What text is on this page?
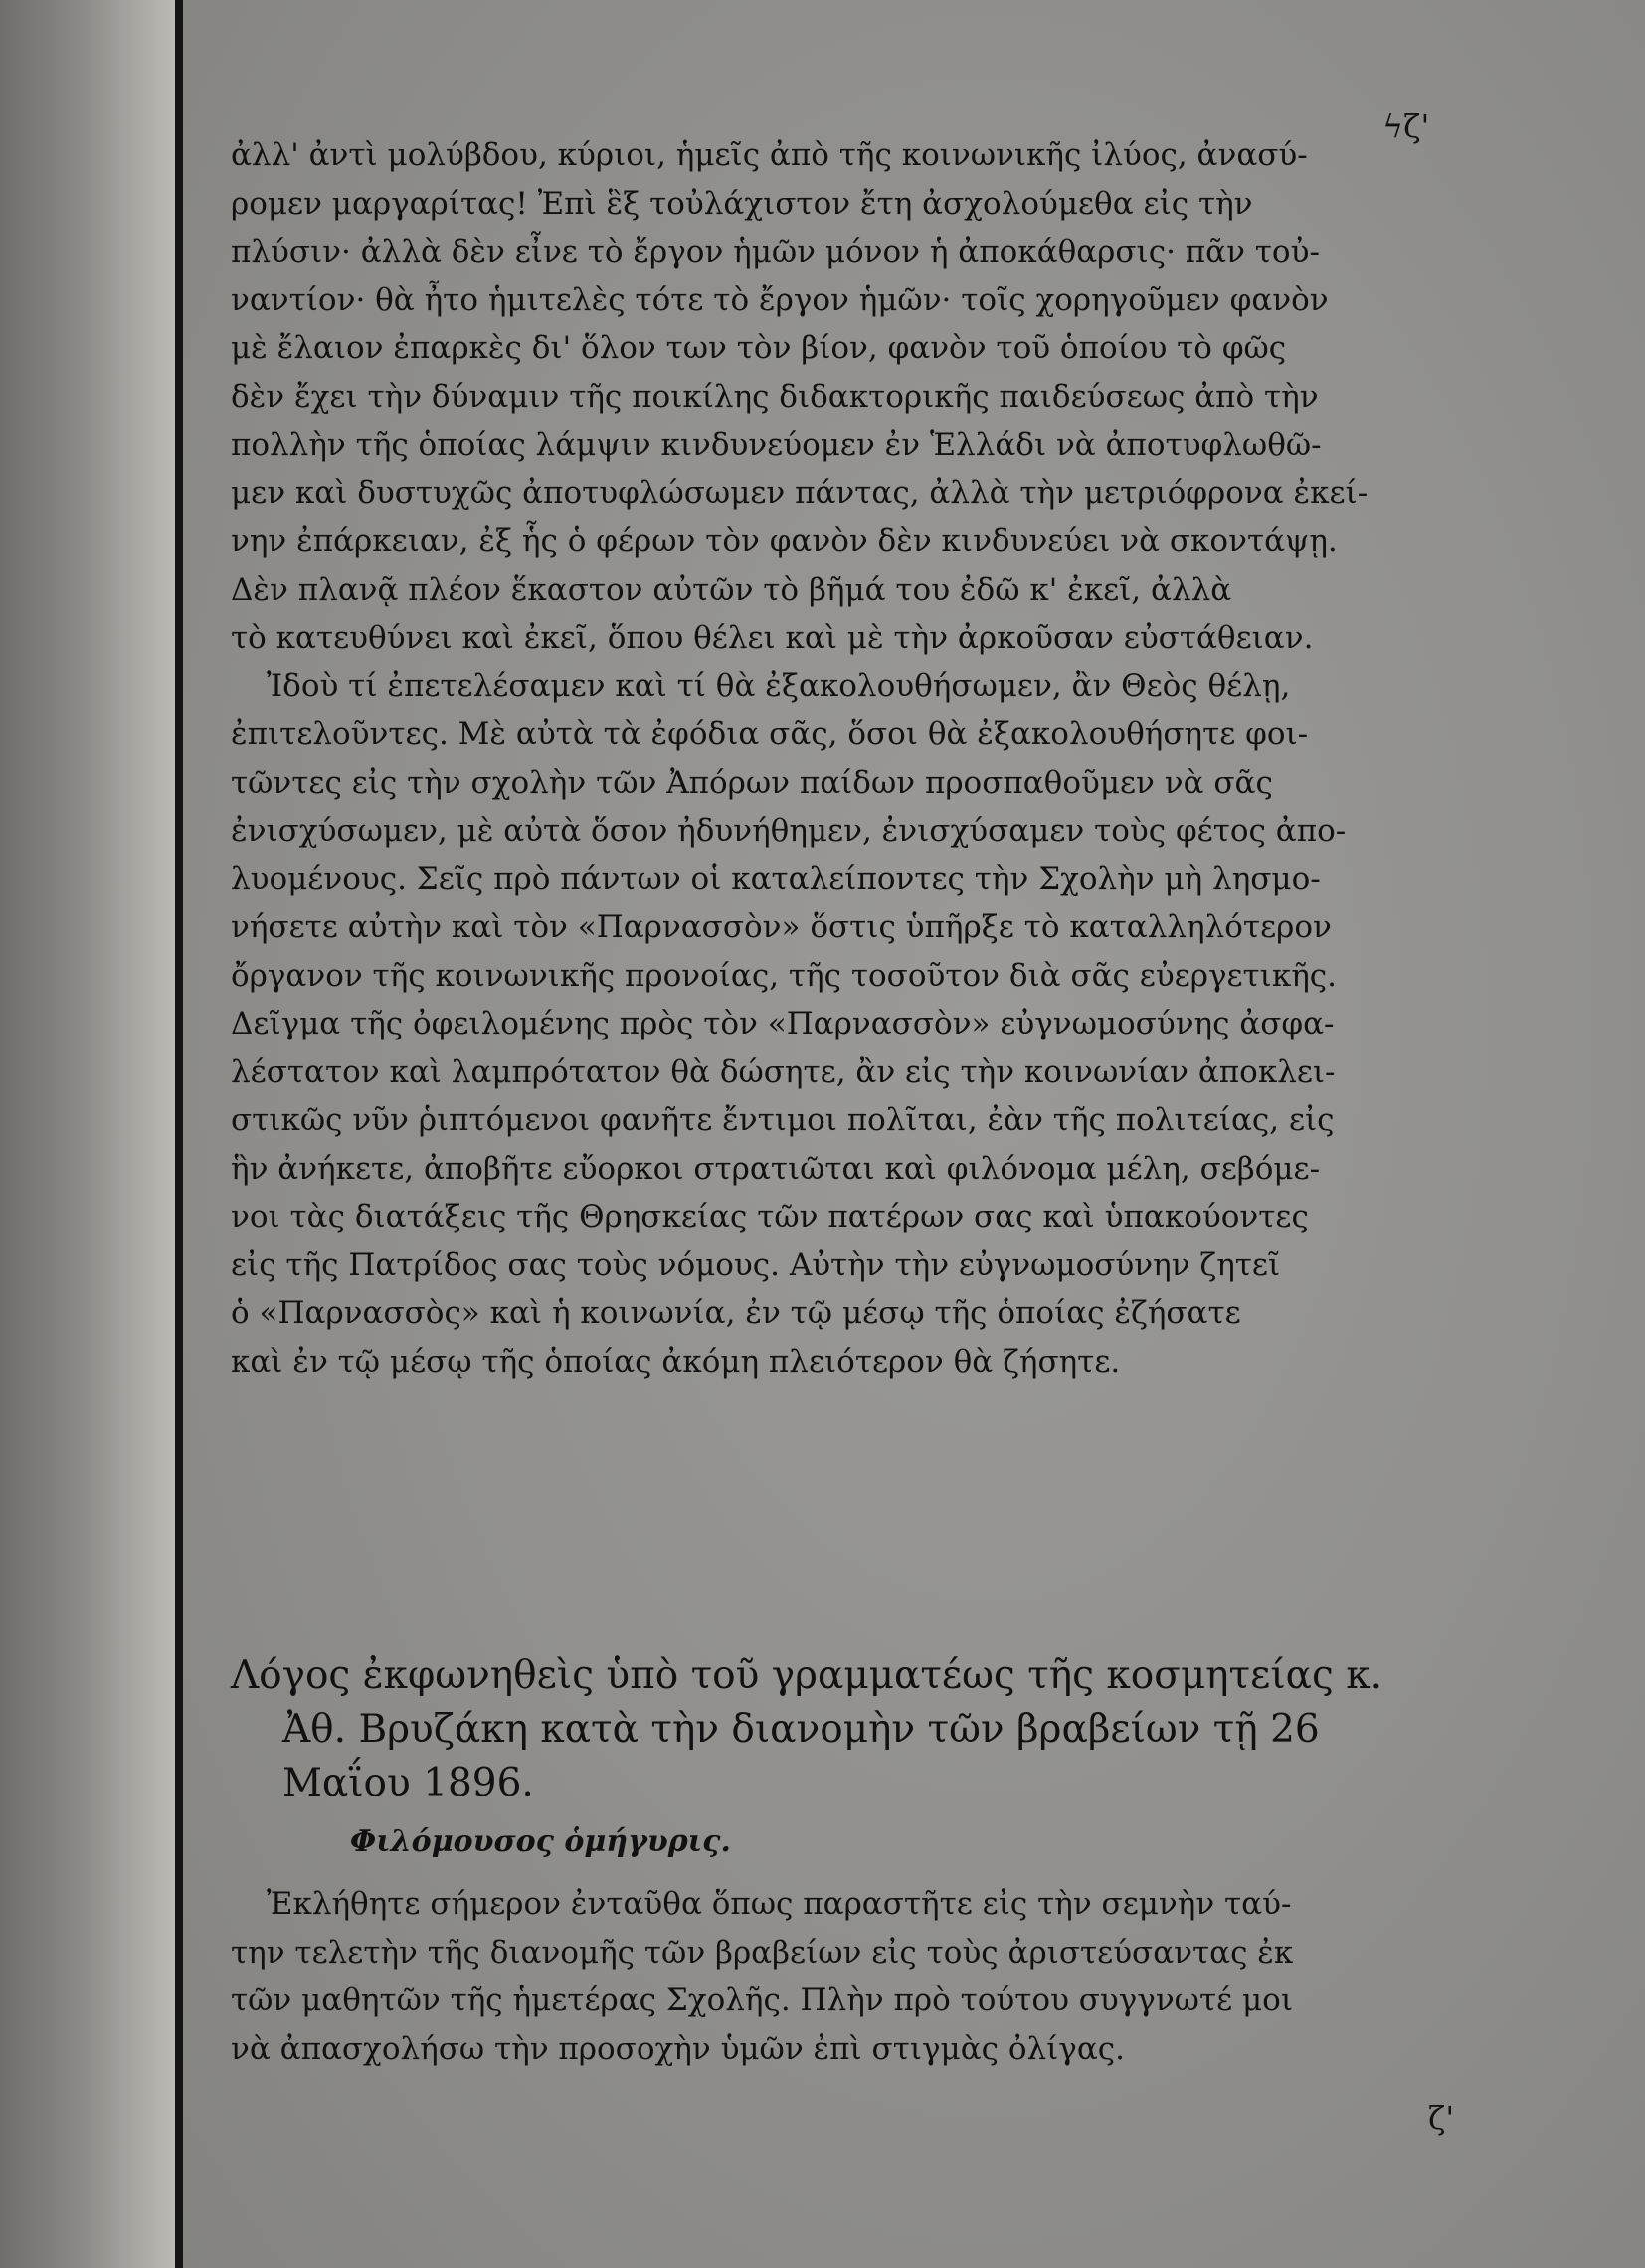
ϟζ'
ἀλλ' ἀντὶ μολύβδου, κύριοι, ἡμεῖς ἀπὸ τῆς κοινωνικῆς ἰλύος, ἀνασύ-
ρομεν μαργαρίτας! Ἐπὶ ἓξ τοὐλάχιστον ἔτη ἀσχολούμεθα εἰς τὴν
πλύσιν· ἀλλὰ δὲν εἶνε τὸ ἔργον ἡμῶν μόνον ἡ ἀποκάθαρσις· πᾶν τοὐ-
ναντίον· θὰ ἦτο ἡμιτελὲς τότε τὸ ἔργον ἡμῶν· τοῖς χορηγοῦμεν φανὸν
μὲ ἔλαιον ἐπαρκὲς δι' ὅλον των τὸν βίον, φανὸν τοῦ ὁποίου τὸ φῶς
δὲν ἔχει τὴν δύναμιν τῆς ποικίλης διδακτορικῆς παιδεύσεως ἀπὸ τὴν
πολλὴν τῆς ὁποίας λάμψιν κινδυνεύομεν ἐν Ἑλλάδι νὰ ἀποτυφλωθῶ-
μεν καὶ δυστυχῶς ἀποτυφλώσωμεν πάντας, ἀλλὰ τὴν μετριόφρονα ἐκεί-
νην ἐπάρκειαν, ἐξ ἧς ὁ φέρων τὸν φανὸν δὲν κινδυνεύει νὰ σκοντάψῃ.
Δὲν πλανᾷ πλέον ἕκαστον αὐτῶν τὸ βῆμά του ἐδῶ κ' ἐκεῖ, ἀλλὰ
τὸ κατευθύνει καὶ ἐκεῖ, ὅπου θέλει καὶ μὲ τὴν ἀρκοῦσαν εὐστάθειαν.
Ἰδοὺ τί ἐπετελέσαμεν καὶ τί θὰ ἐξακολουθήσωμεν, ἂν Θεὸς θέλῃ,
ἐπιτελοῦντες. Μὲ αὐτὰ τὰ ἐφόδια σᾶς, ὅσοι θὰ ἐξακολουθήσητε φοι-
τῶντες εἰς τὴν σχολὴν τῶν Ἀπόρων παίδων προσπαθοῦμεν νὰ σᾶς
ἐνισχύσωμεν, μὲ αὐτὰ ὅσον ἠδυνήθημεν, ἐνισχύσαμεν τοὺς φέτος ἀπο-
λυομένους. Σεῖς πρὸ πάντων οἱ καταλείποντες τὴν Σχολὴν μὴ λησμο-
νήσετε αὐτὴν καὶ τὸν «Παρνασσὸν» ὅστις ὑπῆρξε τὸ καταλληλότερον
ὄργανον τῆς κοινωνικῆς προνοίας, τῆς τοσοῦτον διὰ σᾶς εὐεργετικῆς.
Δεῖγμα τῆς ὀφειλομένης πρὸς τὸν «Παρνασσὸν» εὐγνωμοσύνης ἀσφα-
λέστατον καὶ λαμπρότατον θὰ δώσητε, ἂν εἰς τὴν κοινωνίαν ἀποκλει-
στικῶς νῦν ῥιπτόμενοι φανῆτε ἔντιμοι πολῖται, ἐὰν τῆς πολιτείας, εἰς
ἣν ἀνήκετε, ἀποβῆτε εὔορκοι στρατιῶται καὶ φιλόνομα μέλη, σεβόμε-
νοι τὰς διατάξεις τῆς Θρησκείας τῶν πατέρων σας καὶ ὑπακούοντες
εἰς τῆς Πατρίδος σας τοὺς νόμους. Αὐτὴν τὴν εὐγνωμοσύνην ζητεῖ
ὁ «Παρνασσὸς» καὶ ἡ κοινωνία, ἐν τῷ μέσῳ τῆς ὁποίας ἐζήσατε
καὶ ἐν τῷ μέσῳ τῆς ὁποίας ἀκόμη πλειότερον θὰ ζήσητε.
Λόγος ἐκφωνηθεὶς ὑπὸ τοῦ γραμματέως τῆς κοσμητείας κ.
Ἀθ. Βρυζάκη κατὰ τὴν διανομὴν τῶν βραβείων τῇ 26
Μαΐου 1896.
Φιλόμουσος ὁμήγυρις.
Ἐκλήθητε σήμερον ἐνταῦθα ὅπως παραστῆτε εἰς τὴν σεμνὴν ταύ-
την τελετὴν τῆς διανομῆς τῶν βραβείων εἰς τοὺς ἀριστεύσαντας ἐκ
τῶν μαθητῶν τῆς ἡμετέρας Σχολῆς. Πλὴν πρὸ τούτου συγγνωτέ μοι
νὰ ἀπασχολήσω τὴν προσοχὴν ὑμῶν ἐπὶ στιγμὰς ὀλίγας.
ζ'
